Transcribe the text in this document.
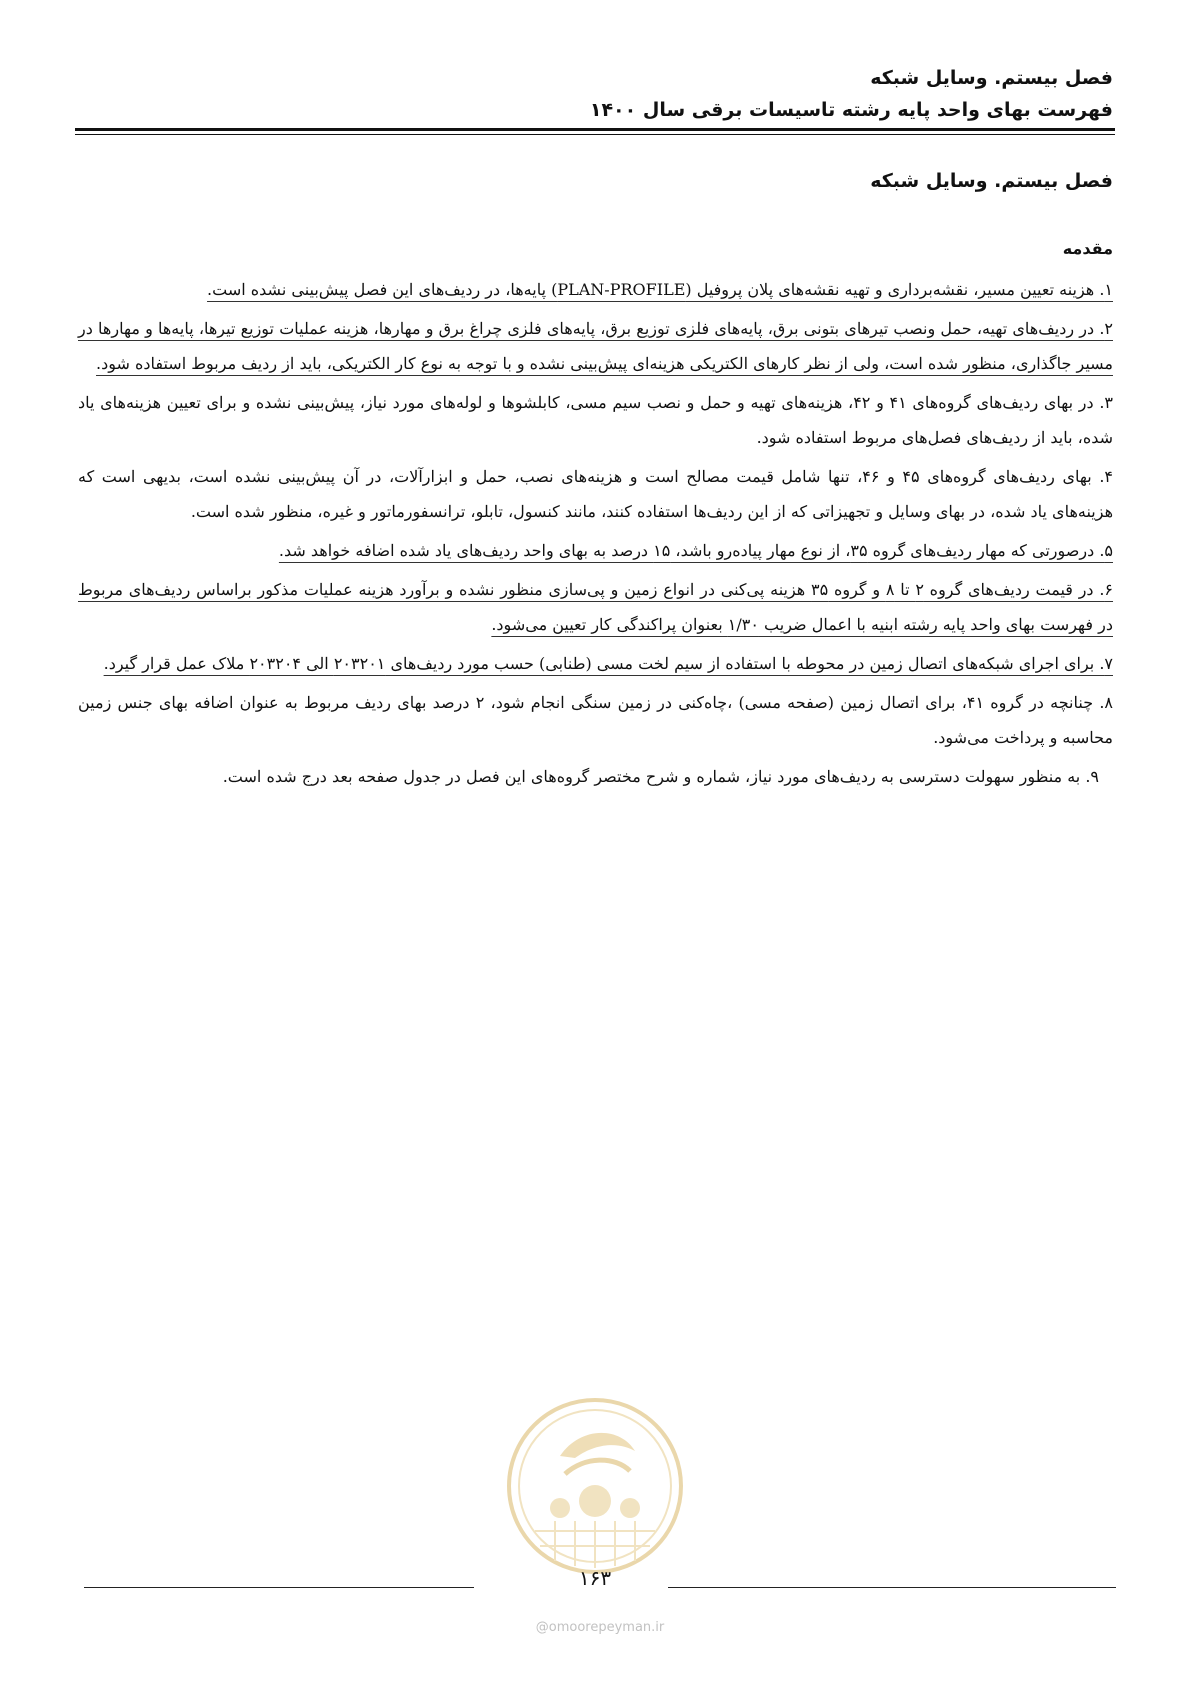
فصل بیستم. وسایل شبکه
فهرست بهای واحد پایه رشته تاسیسات برقی سال ۱۴۰۰
فصل بیستم. وسایل شبکه
مقدمه

۱. هزینه تعیین مسیر، نقشه‌برداری و تهیه نقشه‌های پلان پروفیل (PLAN-PROFILE) پایه‌ها، در ردیف‌های این فصل پیش‌بینی نشده است.

۲. در ردیف‌های تهیه، حمل ونصب تیرهای بتونی برق، پایه‌های فلزی توزیع برق، پایه‌های فلزی چراغ برق و مهارها، هزینه عملیات توزیع تیرها، پایه‌ها و مهارها در مسیر جاگذاری، منظور شده است، ولی از نظر کارهای الکتریکی هزینه‌ای پیش‌بینی نشده و با توجه به نوع کار الکتریکی، باید از ردیف مربوط استفاده شود.

۳. در بهای ردیف‌های گروه‌های ۴۱ و ۴۲، هزینه‌های تهیه و حمل و نصب سیم مسی، کابلشوها و لوله‌های مورد نیاز، پیش‌بینی نشده و برای تعیین هزینه‌های یاد شده، باید از ردیف‌های فصل‌های مربوط استفاده شود.

۴. بهای ردیف‌های گروه‌های ۴۵ و ۴۶، تنها شامل قیمت مصالح است و هزینه‌های نصب، حمل و ابزارآلات، در آن پیش‌بینی نشده است، بدیهی است که هزینه‌های یاد شده، در بهای وسایل و تجهیزاتی که از این ردیف‌ها استفاده کنند، مانند کنسول، تابلو، ترانسفورماتور و غیره، منظور شده است.

۵. درصورتی که مهار ردیف‌های گروه ۳۵، از نوع مهار پیاده‌رو باشد، ۱۵ درصد به بهای واحد ردیف‌های یاد شده اضافه خواهد شد.

۶. در قیمت ردیف‌های گروه ۲ تا ۸ و گروه ۳۵ هزینه پی‌کنی در انواع زمین و پی‌سازی منظور نشده و برآورد هزینه عملیات مذکور براساس ردیف‌های مربوط در فهرست بهای واحد پایه رشته ابنیه با اعمال ضریب ۱/۳۰ بعنوان پراکندگی کار تعیین می‌شود.

۷. برای اجرای شبکه‌های اتصال زمین در محوطه با استفاده از سیم لخت مسی (طنابی) حسب مورد ردیف‌های ۲۰۳۲۰۱ الی ۲۰۳۲۰۴ ملاک عمل قرار گیرد.

۸. چنانچه در گروه ۴۱، برای اتصال زمین (صفحه مسی) ،چاه‌کنی در زمین سنگی انجام شود، ۲ درصد بهای ردیف مربوط به عنوان اضافه بهای جنس زمین محاسبه و پرداخت می‌شود.

۹. به منظور سهولت دسترسی به ردیف‌های مورد نیاز، شماره و شرح مختصر گروه‌های این فصل در جدول صفحه بعد درج شده است.

۱۶۳
@omoorepeyman.ir
